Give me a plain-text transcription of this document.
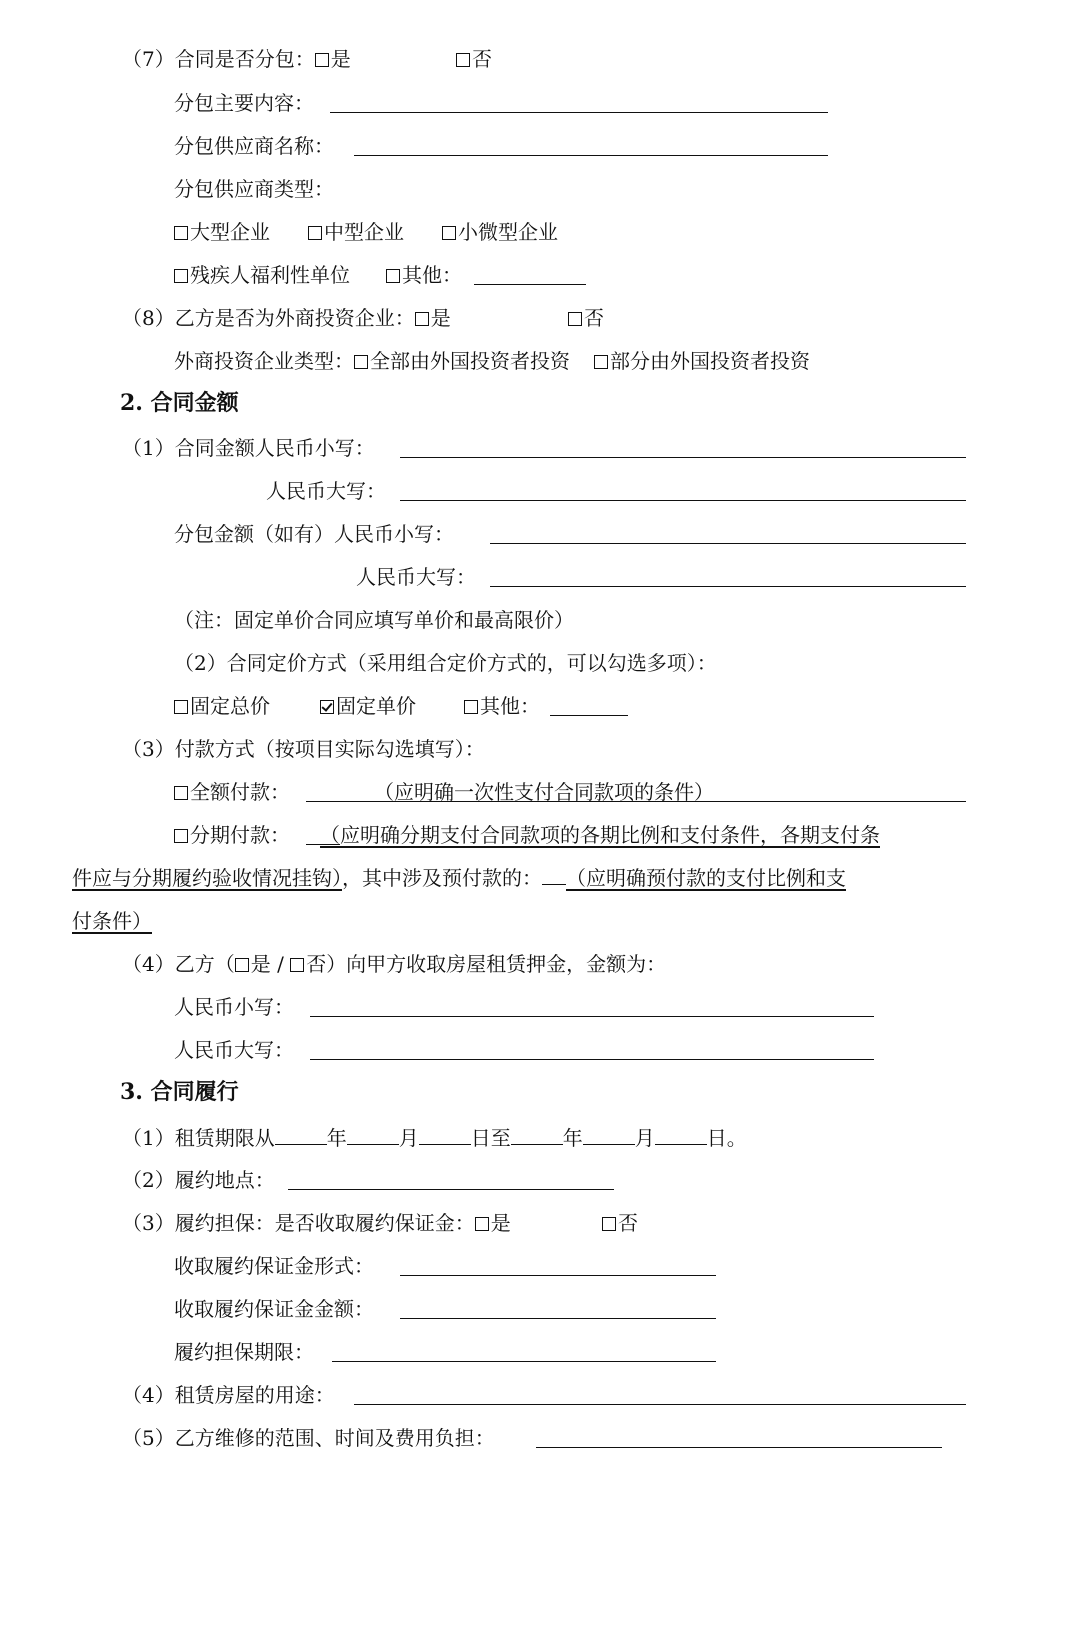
（7）合同是否分包： 是	否
分包主要内容：
分包供应商名称：
分包供应商类型：
大型企业	中型企业	小微型企业
残疾人福利性单位	其他：
（8）乙方是否为外商投资企业： 是	否
外商投资企业类型： 全部由外国投资者投资 部分由外国投资者投资
2. 合同金额
（1）合同金额人民币小写：
人民币大写：
分包金额（如有）人民币小写：
人民币大写：
（注：固定单价合同应填写单价和最高限价）
（2）合同定价方式（采用组合定价方式的，可以勾选多项）：
固定总价	固定单价	其他：
（3）付款方式（按项目实际勾选填写）：
全额付款：	（应明确一次性支付合同款项的条件）
分期付款： （应明确分期支付合同款项的各期比例和支付条件，各期支付条
件应与分期履约验收情况挂钩），其中涉及预付款的： （应明确预付款的支付比例和支
付条件）
（4）乙方（ 是 / 否）向甲方收取房屋租赁押金，金额为：
人民币小写：
人民币大写：
3. 合同履行
（1）租赁期限从	年	月	日至	年	月	日。
（2）履约地点：
（3）履约担保：是否收取履约保证金： 是	否
收取履约保证金形式：
收取履约保证金金额：
履约担保期限：
（4）租赁房屋的用途：
（5）乙方维修的范围、时间及费用负担：
